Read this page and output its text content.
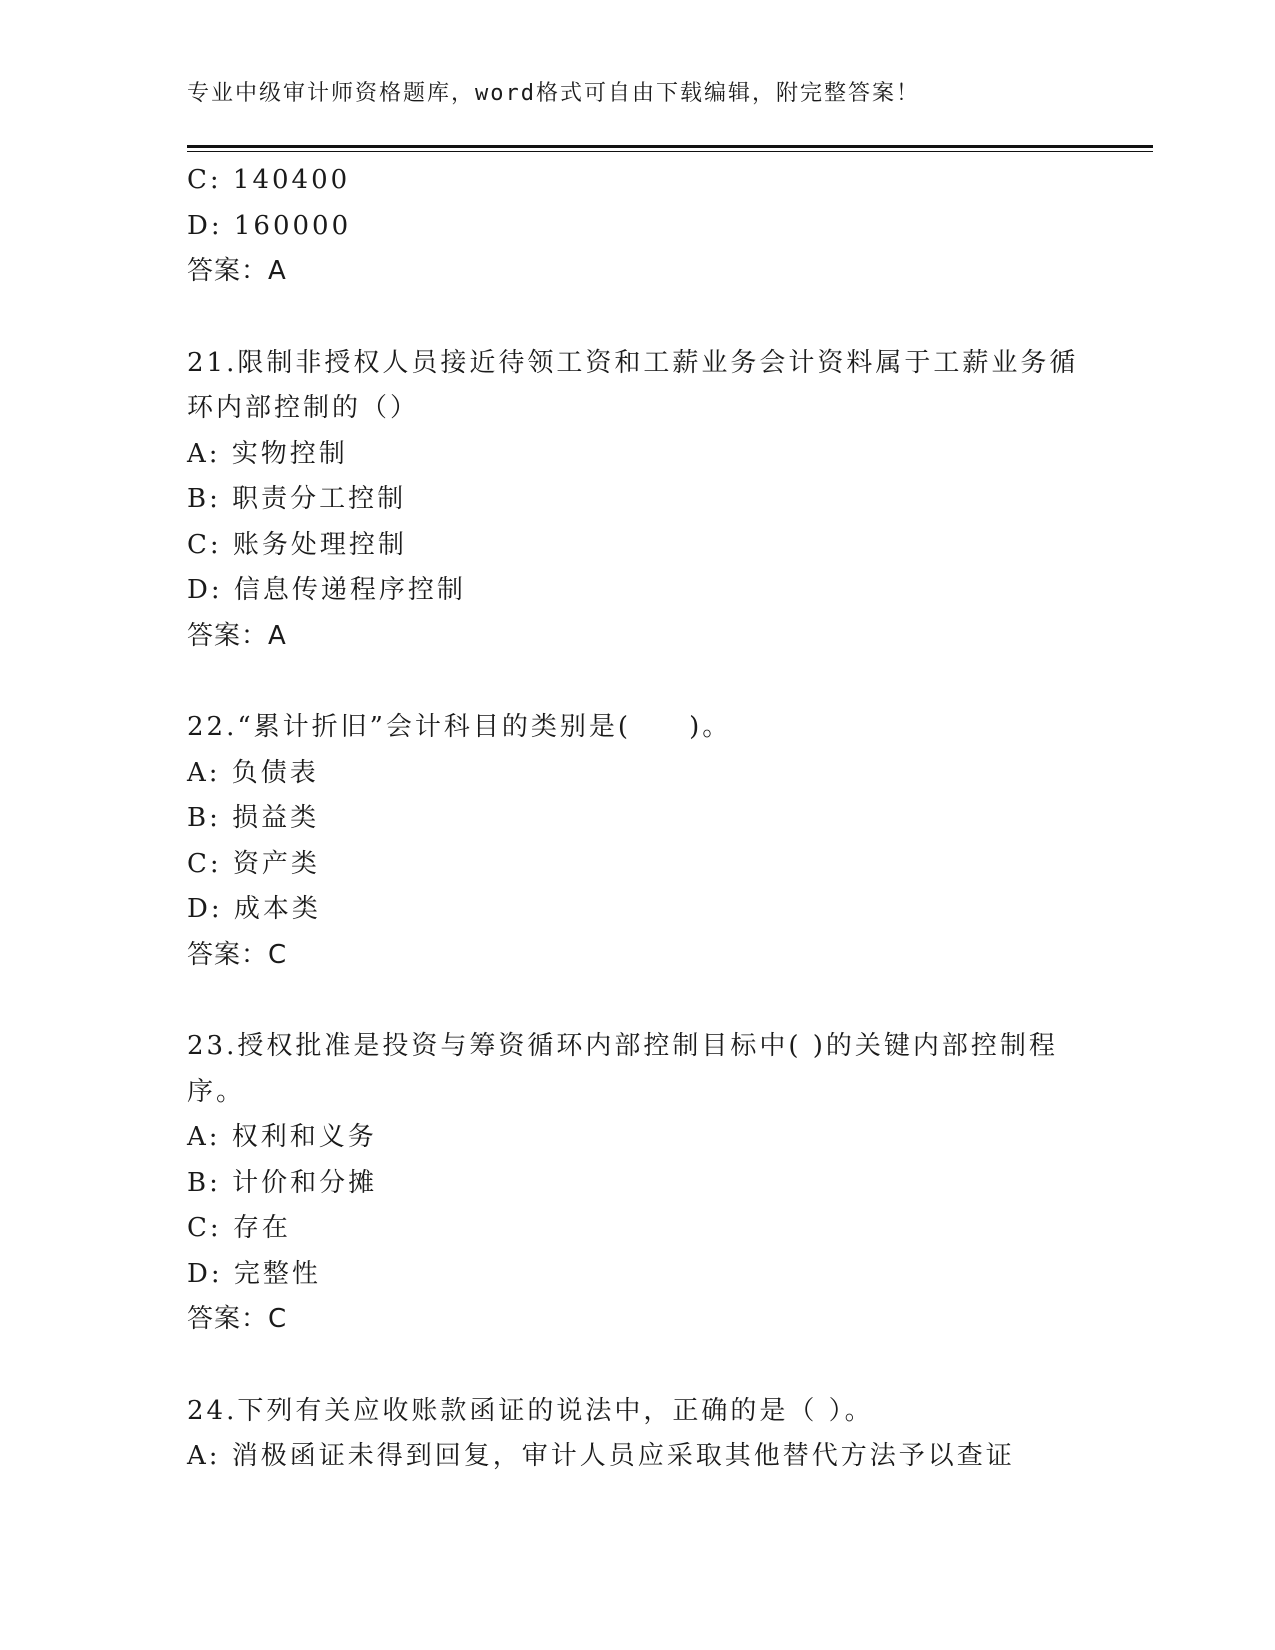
专业中级审计师资格题库，word格式可自由下载编辑，附完整答案！
C: 140400
D: 160000
答案：A
21.限制非授权人员接近待领工资和工薪业务会计资料属于工薪业务循
环内部控制的（）
A: 实物控制
B: 职责分工控制
C: 账务处理控制
D: 信息传递程序控制
答案：A
22.“累计折旧”会计科目的类别是(　　)。
A: 负债表
B: 损益类
C: 资产类
D: 成本类
答案：C
23.授权批准是投资与筹资循环内部控制目标中( )的关键内部控制程
序。
A: 权利和义务
B: 计价和分摊
C: 存在
D: 完整性
答案：C
24.下列有关应收账款函证的说法中，正确的是（ ）。
A: 消极函证未得到回复，审计人员应采取其他替代方法予以查证
